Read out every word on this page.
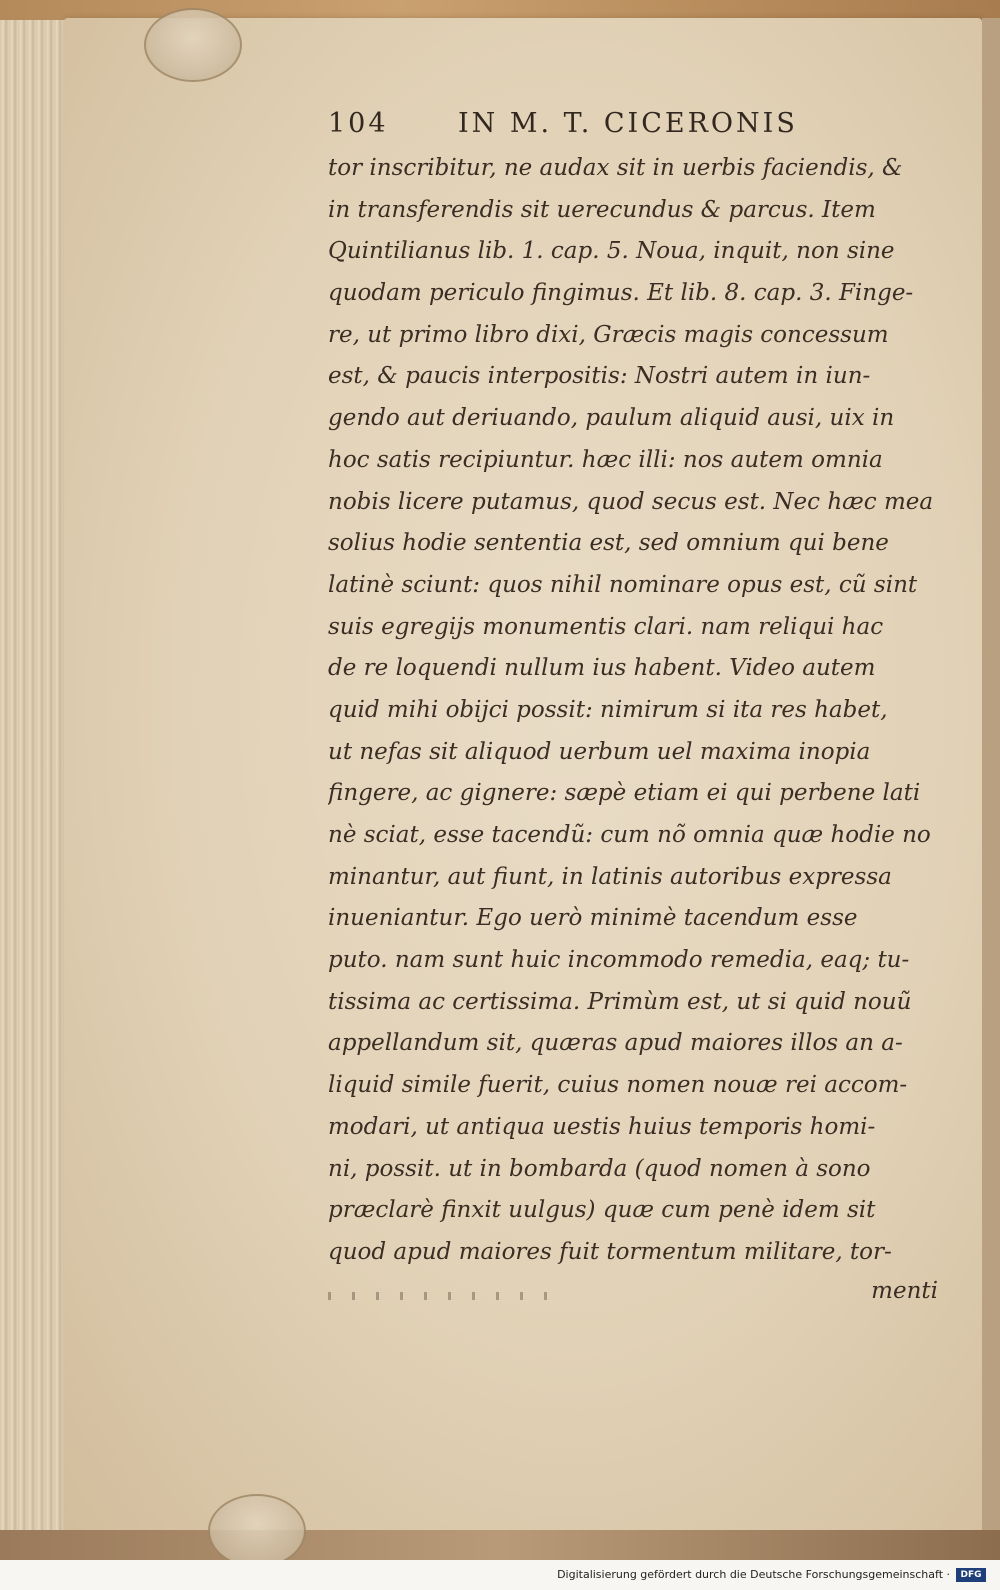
104	IN M. T. CICERONIS
tor inscribitur, ne audax sit in uerbis faciendis, &
in transferendis sit uerecundus & parcus. Item
Quintilianus lib. 1. cap. 5. Noua, inquit, non sine
quodam periculo fingimus. Et lib. 8. cap. 3. Finge-
re, ut primo libro dixi, Græcis magis concessum
est, & paucis interpositis: Nostri autem in iun-
gendo aut deriuando, paulum aliquid ausi, uix in
hoc satis recipiuntur. hæc illi: nos autem omnia
nobis licere putamus, quod secus est. Nec hæc mea
solius hodie sententia est, sed omnium qui bene
latinè sciunt: quos nihil nominare opus est, cũ sint
suis egregijs monumentis clari. nam reliqui hac
de re loquendi nullum ius habent. Video autem
quid mihi obijci possit: nimirum si ita res habet,
ut nefas sit aliquod uerbum uel maxima inopia
fingere, ac gignere: sæpè etiam ei qui perbene lati
nè sciat, esse tacendũ: cum nõ omnia quæ hodie no
minantur, aut fiunt, in latinis autoribus expressa
inueniantur. Ego uerò minimè tacendum esse
puto. nam sunt huic incommodo remedia, eaq; tu-
tissima ac certissima. Primùm est, ut si quid nouũ
appellandum sit, quæras apud maiores illos an a-
liquid simile fuerit, cuius nomen nouæ rei accom-
modari, ut antiqua uestis huius temporis homi-
ni, possit. ut in bombarda (quod nomen à sono
præclarè finxit uulgus) quæ cum penè idem sit
quod apud maiores fuit tormentum militare, tor-
menti
Digitalisierung gefördert durch die Deutsche Forschungsgemeinschaft ·	DFG
